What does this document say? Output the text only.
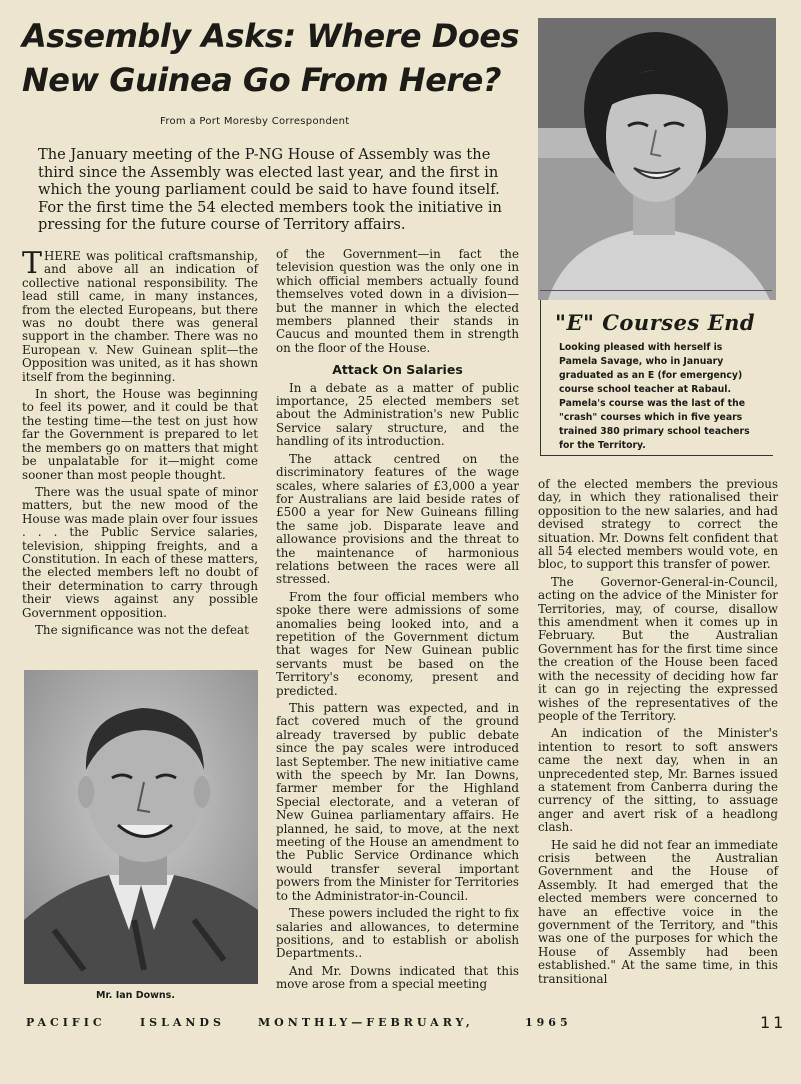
Assembly Asks: Where Does
New Guinea Go From Here?
From a Port Moresby Correspondent
The January meeting of the P-NG House of Assembly was the third since the Assembly was elected last year, and the first in which the young parliament could be said to have found itself. For the first time the 54 elected members took the initiative in pressing for the future course of Territory affairs.

THERE was political craftsmanship, and above all an indication of collective national responsibility. The lead still came, in many instances, from the elected Europeans, but there was no doubt there was general support in the chamber. There was no European v. New Guinean split—the Opposition was united, as it has shown itself from the beginning.

In short, the House was beginning to feel its power, and it could be that the testing time—the test on just how far the Government is prepared to let the members go on matters that might be unpalatable for it—might come sooner than most people thought.

There was the usual spate of minor matters, but the new mood of the House was made plain over four issues . . . the Public Service salaries, television, shipping freights, and a Constitution. In each of these matters, the elected members left no doubt of their determination to carry through their views against any possible Government opposition.

The significance was not the defeat

Mr. Ian Downs.

of the Government—in fact the television question was the only one in which official members actually found themselves voted down in a division—but the manner in which the elected members planned their stands in Caucus and mounted them in strength on the floor of the House.

Attack On Salaries

In a debate as a matter of public importance, 25 elected members set about the Administration's new Public Service salary structure, and the handling of its introduction.

The attack centred on the discriminatory features of the wage scales, where salaries of £3,000 a year for Australians are laid beside rates of £500 a year for New Guineans filling the same job. Disparate leave and allowance provisions and the threat to the maintenance of harmonious relations between the races were all stressed.

From the four official members who spoke there were admissions of some anomalies being looked into, and a repetition of the Government dictum that wages for New Guinean public servants must be based on the Territory's economy, present and predicted.

This pattern was expected, and in fact covered much of the ground already traversed by public debate since the pay scales were introduced last September. The new initiative came with the speech by Mr. Ian Downs, farmer member for the Highland Special electorate, and a veteran of New Guinea parliamentary affairs. He planned, he said, to move, at the next meeting of the House an amendment to the Public Service Ordinance which would transfer several important powers from the Minister for Territories to the Administrator-in-Council.

These powers included the right to fix salaries and allowances, to determine positions, and to establish or abolish Departments..

And Mr. Downs indicated that this move arose from a special meeting

"E" Courses End
Looking pleased with herself is Pamela Savage, who in January graduated as an E (for emergency) course school teacher at Rabaul. Pamela's course was the last of the "crash" courses which in five years trained 380 primary school teachers for the Territory.

of the elected members the previous day, in which they rationalised their opposition to the new salaries, and had devised strategy to correct the situation. Mr. Downs felt confident that all 54 elected members would vote, en bloc, to support this transfer of power.

The Governor-General-in-Council, acting on the advice of the Minister for Territories, may, of course, disallow this amendment when it comes up in February. But the Australian Government has for the first time since the creation of the House been faced with the necessity of deciding how far it can go in rejecting the expressed wishes of the representatives of the people of the Territory.

An indication of the Minister's intention to resort to soft answers came the next day, when in an unprecedented step, Mr. Barnes issued a statement from Canberra during the currency of the sitting, to assuage anger and avert risk of a headlong clash.

He said he did not fear an immediate crisis between the Australian Government and the House of Assembly. It had emerged that the elected members were concerned to have an effective voice in the government of the Territory, and "this was one of the purposes for which the House of Assembly had been established." At the same time, in this transitional

PACIFIC	ISLANDS	MONTHLY—FEBRUARY,	1965	11
